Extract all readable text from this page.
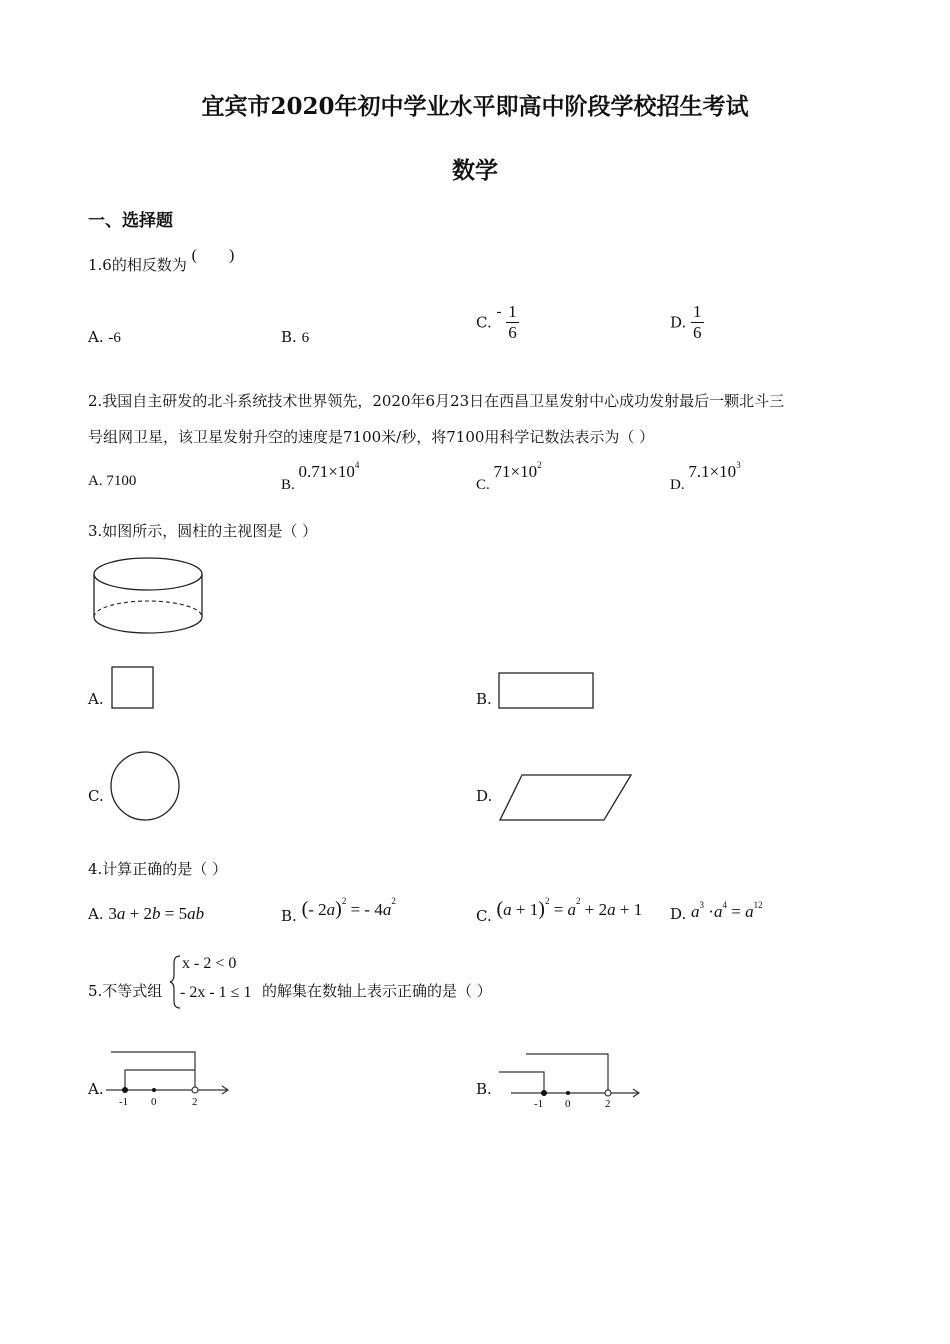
宜宾市2020年初中学业水平即高中阶段学校招生考试
数学
一、选择题
1.6的相反数为 (        )
A. -6	B. 6
C. - $\frac{1}{6}$	D. $\frac{1}{6}$
2.我国自主研发的北斗系统技术世界领先，2020年6月23日在西昌卫星发射中心成功发射最后一颗北斗三
号组网卫星，该卫星发射升空的速度是7100米/秒，将7100用科学记数法表示为（ ）
A. 7100	B. $0.71\times 10^4$
C. $71\times 10^2$
D. $7.1\times 10^3$
3.如图所示，圆柱的主视图是（ ）
A.	B.
C.	D.
4.计算正确的是（ ）
A. 3a + 2b = 5ab	B. (- 2a)$^2$ = - $4a^2$
C. $(a + 1)^2 = a^2 + 2a + 1$ D. $a^3 \cdot a^4 = a^{12}$
5.不等式组
x - 2 < 0
- 2x - 1 ≤ 1 的解集在数轴上表示正确的是（ ）
A.
-1 0	2
B.
-1 0	2
